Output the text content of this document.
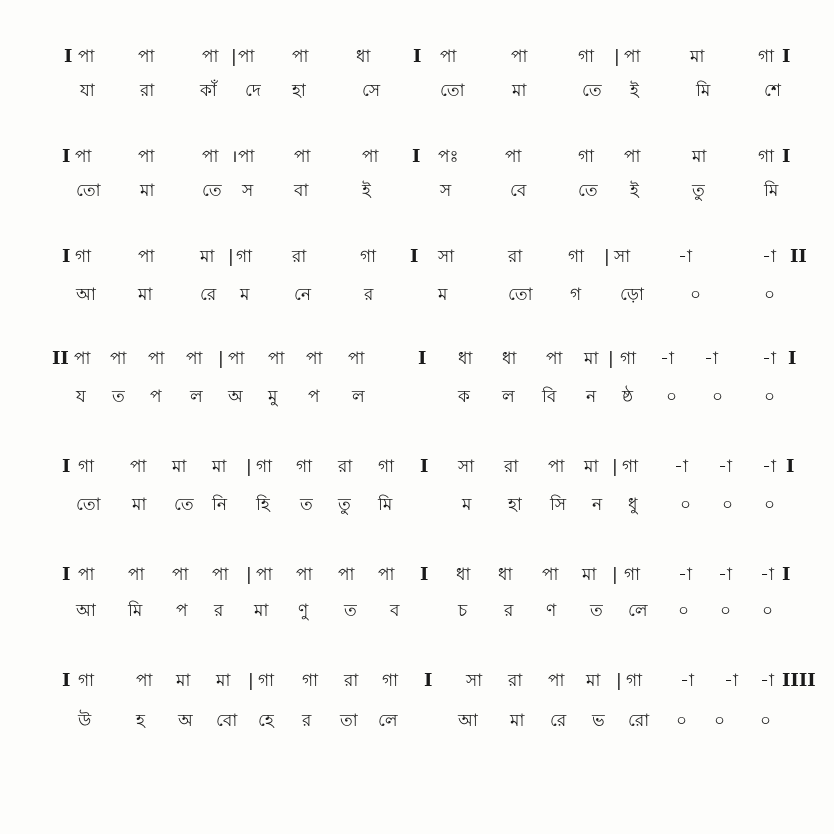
I পা	পা	পা | পা পা	ধা I পা	পা	গা | পা	মা	গা I
যা	রা	কাঁ দে হা	সে	তো	মা	তে ই	মি	শে
I পা	পা	পা । পা পা	পা I পঃ	পা	গা পা	মা	গা I
তো মা	তে স বা	ই	স	বে	তে ই	তু	মি
I গা	পা	মা | গা রা	গা I সা	রা	গা | সা	-া	-া II
আ মা	রে ম	নে	র	ম	তো গ ড়ো	০	০
II পা পা পা পা | পা পা পা পা	I ধা ধা পা মা | গা -া -া	-া I
য ত প ল অ মু প ল	ক ল বি ন ষ্ঠ ০ ০ ০
I গা পা মা মা | গা গা রা গা I সা রা পা মা | গা -া -া -া I
তো মা তে নি হি ত তু মি	ম হা সি ন ধু ০ ০ ০
I পা পা পা পা | পা পা পা পা I ধা ধা পা মা | গা -া -া -া I
আ মি প র মা ণু ত ব	চ র ণ ত লে ০ ০ ০
I গা পা মা মা | গা গা রা গা I সা রা পা মা | গা -া -া -া IIII
উ	হ অ বো হে র তা লে	আ মা রে ভ রো ০ ০ ০
